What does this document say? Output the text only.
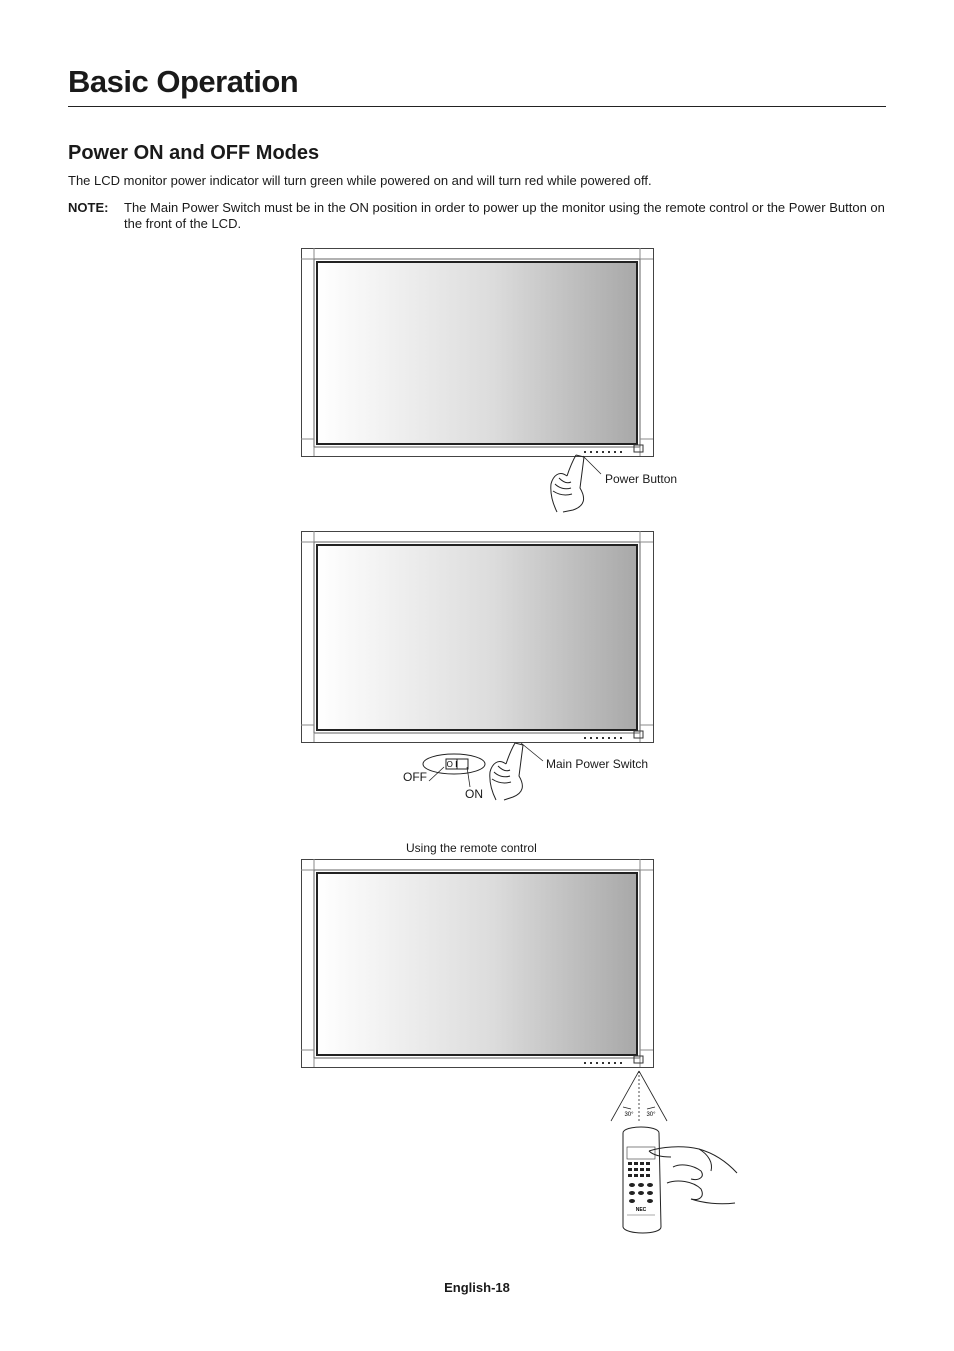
Basic Operation
Power ON and OFF Modes

The LCD monitor power indicator will turn green while powered on and will turn red while powered off.

NOTE: The Main Power Switch must be in the ON position in order to power up the monitor using the remote control or the Power Button on the front of the LCD.

Power Button
O I	Main Power Switch
OFF
ON
Using the remote control
30° 30°
NEC
English-18
